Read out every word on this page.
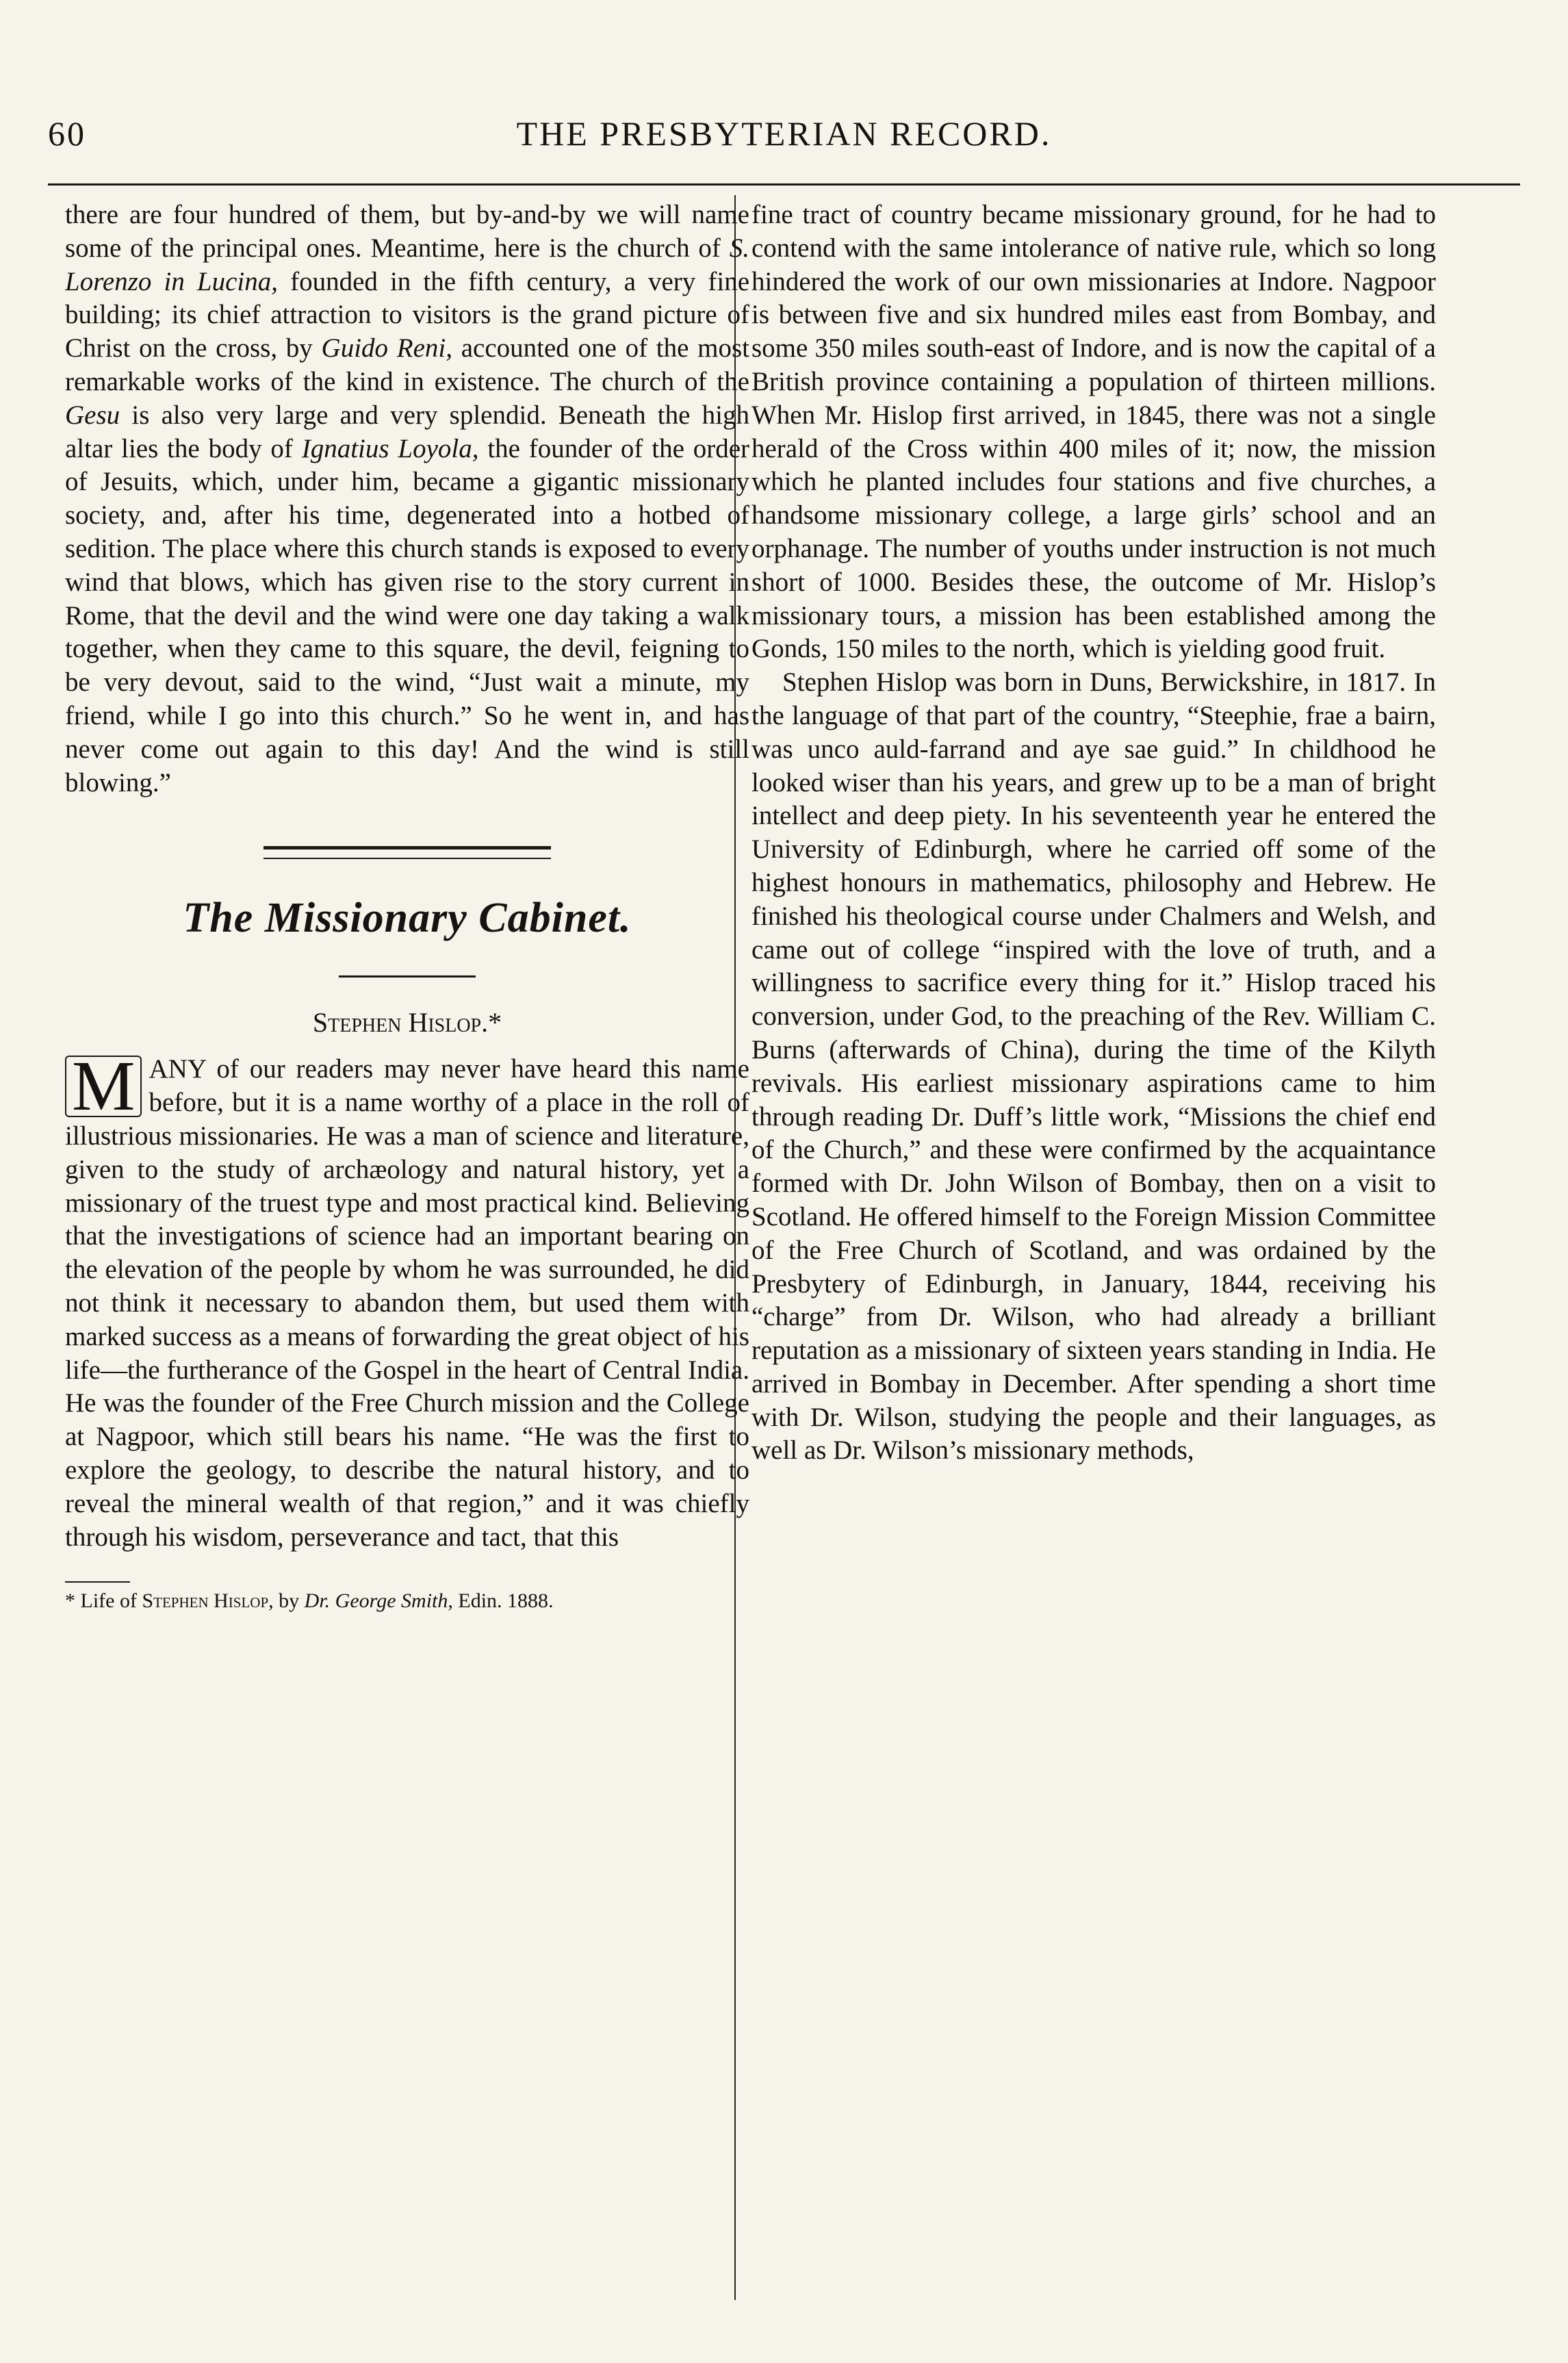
60	THE PRESBYTERIAN RECORD.

there are four hundred of them, but by-and-by we will name some of the principal ones. Meantime, here is the church of S. Lorenzo in Lucina, founded in the fifth century, a very fine building; its chief attraction to visitors is the grand picture of Christ on the cross, by Guido Reni, accounted one of the most remarkable works of the kind in existence. The church of the Gesu is also very large and very splendid. Beneath the high altar lies the body of Ignatius Loyola, the founder of the order of Jesuits, which, under him, became a gigantic missionary society, and, after his time, degenerated into a hotbed of sedition. The place where this church stands is exposed to every wind that blows, which has given rise to the story current in Rome, that the devil and the wind were one day taking a walk together, when they came to this square, the devil, feigning to be very devout, said to the wind, “Just wait a minute, my friend, while I go into this church.” So he went in, and has never come out again to this day! And the wind is still blowing.”

The Missionary Cabinet.
Stephen Hislop.*

M ANY of our readers may never have heard this name before, but it is a name worthy of a place in the roll of illustrious missionaries. He was a man of science and literature, given to the study of archæology and natural history, yet a missionary of the truest type and most practical kind. Believing that the investigations of science had an important bearing on the elevation of the people by whom he was surrounded, he did not think it necessary to abandon them, but used them with marked success as a means of forwarding the great object of his life—the furtherance of the Gospel in the heart of Central India. He was the founder of the Free Church mission and the College at Nagpoor, which still bears his name. “He was the first to explore the geology, to describe the natural history, and to reveal the mineral wealth of that region,” and it was chiefly through his wisdom, perseverance and tact, that this

* Life of Stephen Hislop, by Dr. George Smith, Edin. 1888.

fine tract of country became missionary ground, for he had to contend with the same intolerance of native rule, which so long hindered the work of our own missionaries at Indore. Nagpoor is between five and six hundred miles east from Bombay, and some 350 miles south-east of Indore, and is now the capital of a British province containing a population of thirteen millions. When Mr. Hislop first arrived, in 1845, there was not a single herald of the Cross within 400 miles of it; now, the mission which he planted includes four stations and five churches, a handsome missionary college, a large girls’ school and an orphanage. The number of youths under instruction is not much short of 1000. Besides these, the outcome of Mr. Hislop’s missionary tours, a mission has been established among the Gonds, 150 miles to the north, which is yielding good fruit.

Stephen Hislop was born in Duns, Berwickshire, in 1817. In the language of that part of the country, “Steephie, frae a bairn, was unco auld-farrand and aye sae guid.” In childhood he looked wiser than his years, and grew up to be a man of bright intellect and deep piety. In his seventeenth year he entered the University of Edinburgh, where he carried off some of the highest honours in mathematics, philosophy and Hebrew. He finished his theological course under Chalmers and Welsh, and came out of college “inspired with the love of truth, and a willingness to sacrifice every thing for it.” Hislop traced his conversion, under God, to the preaching of the Rev. William C. Burns (afterwards of China), during the time of the Kilyth revivals. His earliest missionary aspirations came to him through reading Dr. Duff’s little work, “Missions the chief end of the Church,” and these were confirmed by the acquaintance formed with Dr. John Wilson of Bombay, then on a visit to Scotland. He offered himself to the Foreign Mission Committee of the Free Church of Scotland, and was ordained by the Presbytery of Edinburgh, in January, 1844, receiving his “charge” from Dr. Wilson, who had already a brilliant reputation as a missionary of sixteen years standing in India. He arrived in Bombay in December. After spending a short time with Dr. Wilson, studying the people and their languages, as well as Dr. Wilson’s missionary methods,
